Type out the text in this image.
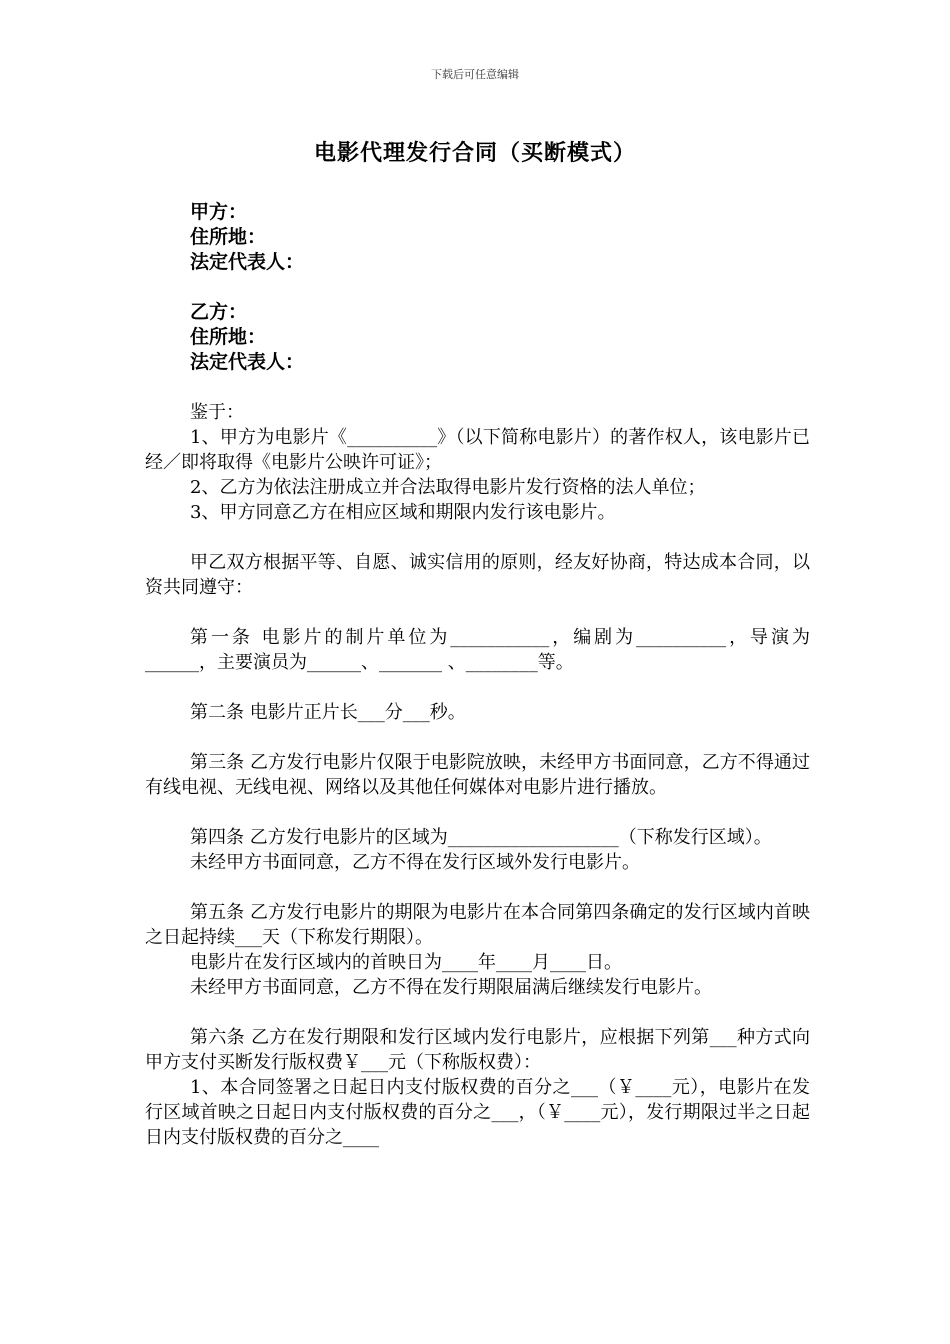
下载后可任意编辑
电影代理发行合同（买断模式）
甲方：
住所地：
法定代表人：
乙方：
住所地：
法定代表人：

鉴于：

1、甲方为电影片《__________》（以下简称电影片）的著作权人，该电影片已经／即将取得《电影片公映许可证》；

2、乙方为依法注册成立并合法取得电影片发行资格的法人单位；

3、甲方同意乙方在相应区域和期限内发行该电影片。

甲乙双方根据平等、自愿、诚实信用的原则，经友好协商，特达成本合同，以资共同遵守：

第一条 电影片的制片单位为___________，编剧为__________，导演为______，主要演员为______、_______ 、________等。

第二条 电影片正片长___分___秒。

第三条 乙方发行电影片仅限于电影院放映，未经甲方书面同意，乙方不得通过有线电视、无线电视、网络以及其他任何媒体对电影片进行播放。

第四条 乙方发行电影片的区域为___________________（下称发行区域）。

未经甲方书面同意，乙方不得在发行区域外发行电影片。

第五条 乙方发行电影片的期限为电影片在本合同第四条确定的发行区域内首映之日起持续___天（下称发行期限）。

电影片在发行区域内的首映日为____年____月____日。

未经甲方书面同意，乙方不得在发行期限届满后继续发行电影片。

第六条 乙方在发行期限和发行区域内发行电影片，应根据下列第___种方式向甲方支付买断发行版权费￥___元（下称版权费）：

1、本合同签署之日起日内支付版权费的百分之___（￥____元），电影片在发行区域首映之日起日内支付版权费的百分之___，（￥____元），发行期限过半之日起日内支付版权费的百分之____
